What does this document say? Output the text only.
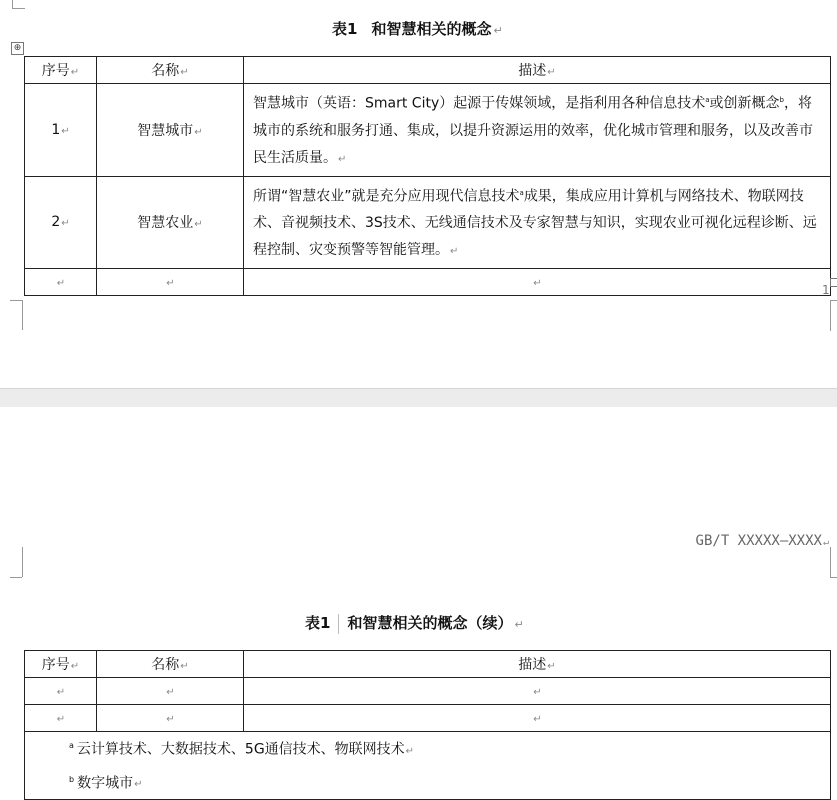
表1 和智慧相关的概念 ↵
⊕
序号↵	名称↵	描述↵
1↵	智慧城市↵	智慧城市（英语：Smart City）起源于传媒领域，是指利用各种信息技术$^a$或创新概念$^b$，将城市的系统和服务打通、集成，以提升资源运用的效率，优化城市管理和服务，以及改善市民生活质量。↵
2↵	智慧农业↵	所谓“智慧农业”就是充分应用现代信息技术$^a$成果，集成应用计算机与网络技术、物联网技术、音视频技术、3S技术、无线通信技术及专家智慧与知识，实现农业可视化远程诊断、远程控制、灾变预警等智能管理。↵
↵	↵	↵	1
GB/T XXXXX—XXXX↵
表1 和智慧相关的概念（续） ↵
序号↵	名称↵	描述↵
↵	↵	↵
↵	↵	↵

$^a$ 云计算技术、大数据技术、5G通信技术、物联网技术↵
$^b$ 数字城市↵		
